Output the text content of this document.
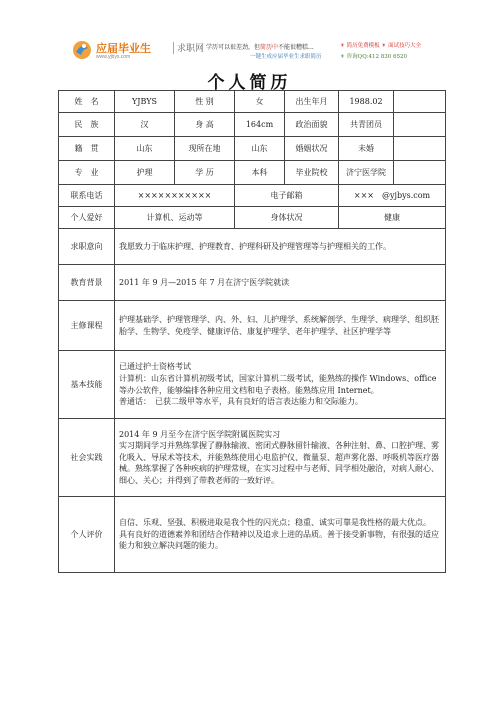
应届毕业生	求职网
www.yjbys.com
学历可以很差劲，但简历中不能很糟糕...
一键生成应届毕业生求职简历
☀ 简历免费模板 ☀ 面试技巧大全
☀ 咨询QQ:412 830 6520
个人简历
姓　名	YJBYS	性 别	女	出生年月	1988.02	
民　族	汉	身 高	164cm	政治面貌	共青团员	
籍　贯	山东	现所在地	山东	婚姻状况	未婚	
专　业	护理	学 历	本科	毕业院校	济宁医学院	
联系电话	×××××××××××		电子邮箱		×××　@yjbys.com	
个人爱好	计算机、运动等		身体状况		健康	
求职意向	我愿致力于临床护理、护理教育、护理科研及护理管理等与护理相关的工作。					
教育背景	2011 年 9 月—2015 年 7 月在济宁医学院就读					
主修课程	护理基础学、护理管理学、内、外、妇、儿护理学、系统解剖学、生理学、病理学、组织胚胎学、生物学、免疫学、健康评估、康复护理学、老年护理学、社区护理学等					
基本技能	已通过护士资格考试

计算机：山东省计算机初级考试，国家计算机二级考试，能熟练的操作 Windows、office 等办公软件，能够编排各种应用文档和电子表格。能熟练应用 Internet。

普通话：　已获二级甲等水平，具有良好的语言表达能力和交际能力。					

社会实践	2014 年 9 月至今在济宁医学院附属医院实习

实习期间学习并熟练掌握了静脉输液、密闭式静脉留针输液、各种注射、鼻、口腔护理、雾化吸入、导尿术等技术，并能熟练使用心电监护仪、微量泵、超声雾化器、呼吸机等医疗器械。熟练掌握了各种疾病的护理常规，在实习过程中与老师、同学相处融洽，对病人耐心、细心、关心；并得到了带教老师的一致好评。					

个人评价	自信、乐观、坚强、积极进取是我个性的闪光点；稳重、诚实可靠是我性格的最大优点。

具有良好的道德素养和团结合作精神以及追求上进的品质。善于接受新事物，有很强的适应能力和独立解决问题的能力。					
